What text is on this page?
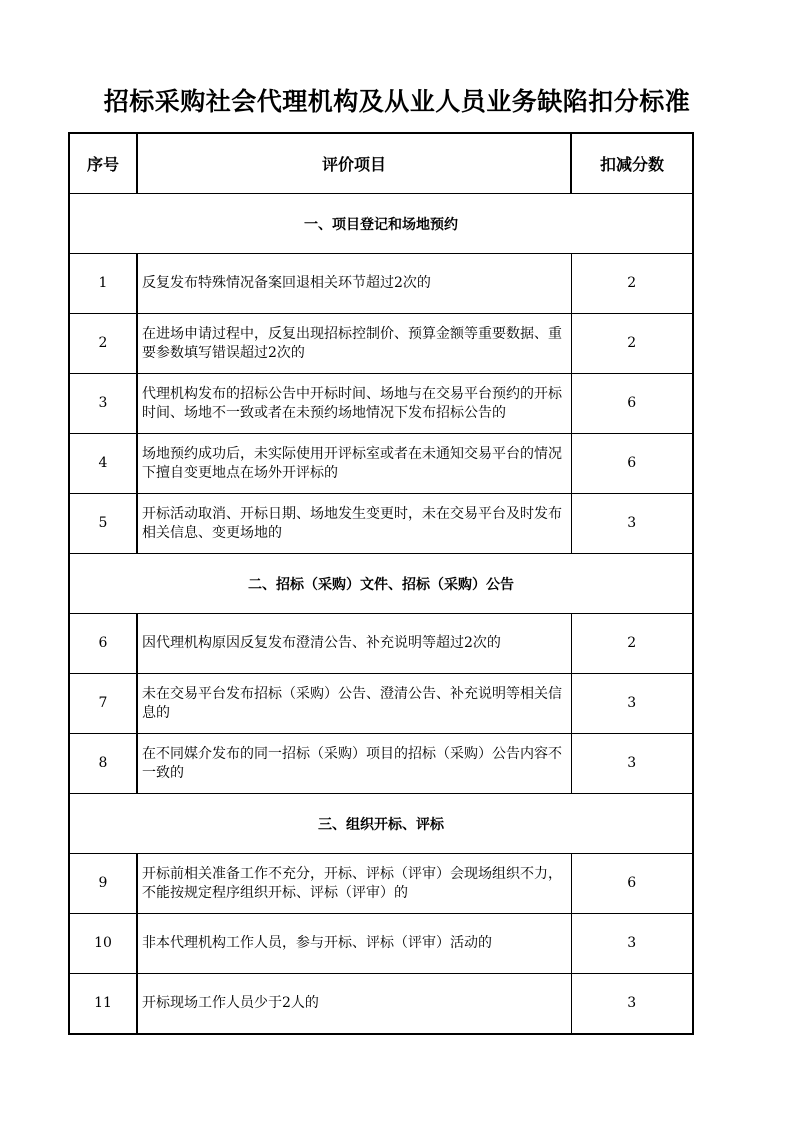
招标采购社会代理机构及从业人员业务缺陷扣分标准
序号	评价项目	扣减分数
一、项目登记和场地预约		
1	反复发布特殊情况备案回退相关环节超过2次的	2
2	在进场申请过程中，反复出现招标控制价、预算金额等重要数据、重要参数填写错误超过2次的	2
3	代理机构发布的招标公告中开标时间、场地与在交易平台预约的开标时间、场地不一致或者在未预约场地情况下发布招标公告的	6
4	场地预约成功后，未实际使用开评标室或者在未通知交易平台的情况下擅自变更地点在场外开评标的	6
5	开标活动取消、开标日期、场地发生变更时，未在交易平台及时发布相关信息、变更场地的	3
二、招标（采购）文件、招标（采购）公告		
6	因代理机构原因反复发布澄清公告、补充说明等超过2次的	2
7	未在交易平台发布招标（采购）公告、澄清公告、补充说明等相关信息的	3
8	在不同媒介发布的同一招标（采购）项目的招标（采购）公告内容不一致的	3
三、组织开标、评标		
9	开标前相关准备工作不充分，开标、评标（评审）会现场组织不力，不能按规定程序组织开标、评标（评审）的	6
10	非本代理机构工作人员，参与开标、评标（评审）活动的	3
11	开标现场工作人员少于2人的	3
